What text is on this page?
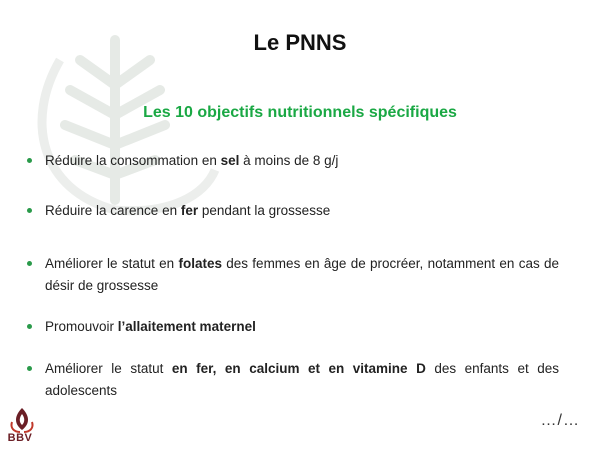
Le PNNS
Les 10 objectifs nutritionnels spécifiques
Réduire la consommation en sel à moins de 8 g/j
Réduire la carence en fer pendant la grossesse
Améliorer le statut en folates des femmes en âge de procréer, notamment en cas de désir de grossesse
Promouvoir l’allaitement maternel
Améliorer le statut en fer, en calcium et en vitamine D des enfants et des adolescents
BBV
…/…
